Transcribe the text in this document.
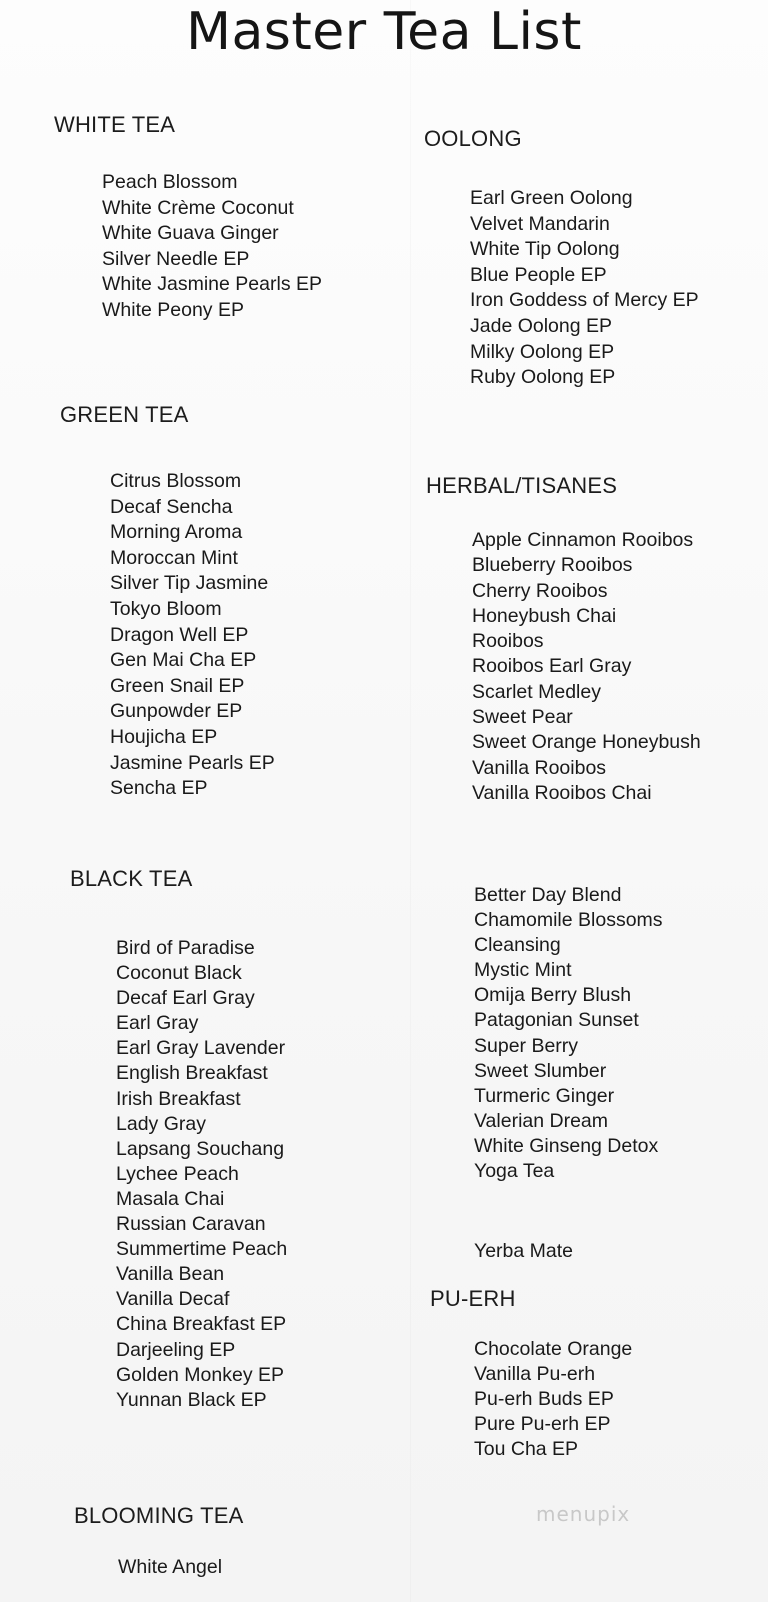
Master Tea List
WHITE TEA
Peach Blossom
White Crème Coconut
White Guava Ginger
Silver Needle EP
White Jasmine Pearls EP
White Peony EP
GREEN TEA
Citrus Blossom
Decaf Sencha
Morning Aroma
Moroccan Mint
Silver Tip Jasmine
Tokyo Bloom
Dragon Well EP
Gen Mai Cha EP
Green Snail EP
Gunpowder EP
Houjicha EP
Jasmine Pearls EP
Sencha EP
BLACK TEA
Bird of Paradise
Coconut Black
Decaf Earl Gray
Earl Gray
Earl Gray Lavender
English Breakfast
Irish Breakfast
Lady Gray
Lapsang Souchang
Lychee Peach
Masala Chai
Russian Caravan
Summertime Peach
Vanilla Bean
Vanilla Decaf
China Breakfast EP
Darjeeling EP
Golden Monkey EP
Yunnan Black EP
BLOOMING TEA
White Angel
OOLONG
Earl Green Oolong
Velvet Mandarin
White Tip Oolong
Blue People EP
Iron Goddess of Mercy EP
Jade Oolong EP
Milky Oolong EP
Ruby Oolong EP
HERBAL/TISANES
Apple Cinnamon Rooibos
Blueberry Rooibos
Cherry Rooibos
Honeybush Chai
Rooibos
Rooibos Earl Gray
Scarlet Medley
Sweet Pear
Sweet Orange Honeybush
Vanilla Rooibos
Vanilla Rooibos Chai
Better Day Blend
Chamomile Blossoms
Cleansing
Mystic Mint
Omija Berry Blush
Patagonian Sunset
Super Berry
Sweet Slumber
Turmeric Ginger
Valerian Dream
White Ginseng Detox
Yoga Tea
Yerba Mate
PU-ERH
Chocolate Orange
Vanilla Pu-erh
Pu-erh Buds EP
Pure Pu-erh EP
Tou Cha EP
menupix
